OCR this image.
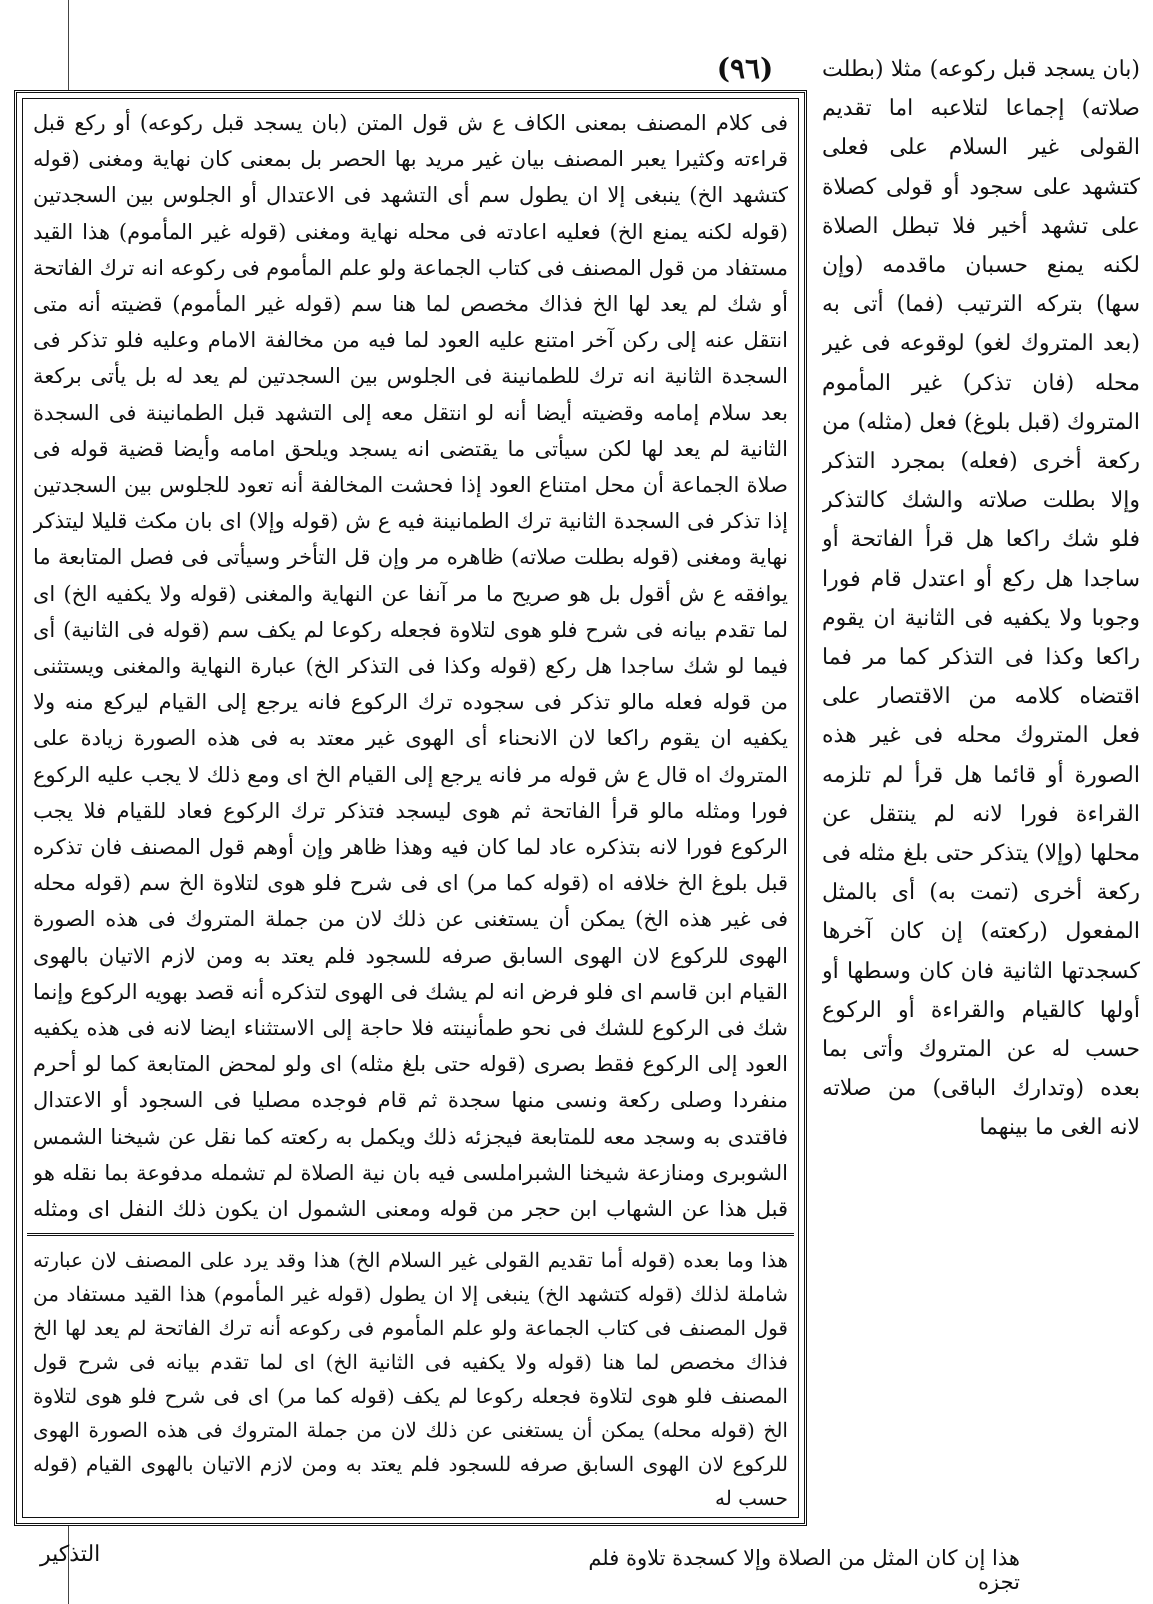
(٩٦)	(بان يسجد قبل ركوعه) مثلا (بطلت صلاته) إجماعا لتلاعبه اما تقديم القولى غير السلام على فعلى كتشهد على سجود أو قولى كصلاة على تشهد أخير فلا تبطل الصلاة لكنه يمنع حسبان ماقدمه (وإن سها) بتركه الترتيب (فما) أتى به (بعد المتروك لغو) لوقوعه فى غير محله (فان تذكر) غير المأموم المتروك (قبل بلوغ) فعل (مثله) من ركعة أخرى (فعله) بمجرد التذكر وإلا بطلت صلاته والشك كالتذكر فلو شك راكعا هل قرأ الفاتحة أو ساجدا هل ركع أو اعتدل قام فورا وجوبا ولا يكفيه فى الثانية ان يقوم راكعا وكذا فى التذكر كما مر فما اقتضاه كلامه من الاقتصار على فعل المتروك محله فى غير هذه الصورة أو قائما هل قرأ لم تلزمه القراءة فورا لانه لم ينتقل عن محلها (وإلا) يتذكر حتى بلغ مثله فى ركعة أخرى (تمت به) أى بالمثل المفعول (ركعته) إن كان آخرها كسجدتها الثانية فان كان وسطها أو أولها كالقيام والقراءة أو الركوع حسب له عن المتروك وأتى بما بعده (وتدارك الباقى) من صلاته لانه الغى ما بينهما

فى كلام المصنف بمعنى الكاف ع ش قول المتن (بان يسجد قبل ركوعه) أو ركع قبل قراءته وكثيرا يعبر المصنف بيان غير مريد بها الحصر بل بمعنى كان نهاية ومغنى (قوله كتشهد الخ) ينبغى إلا ان يطول سم أى التشهد فى الاعتدال أو الجلوس بين السجدتين (قوله لكنه يمنع الخ) فعليه اعادته فى محله نهاية ومغنى (قوله غير المأموم) هذا القيد مستفاد من قول المصنف فى كتاب الجماعة ولو علم المأموم فى ركوعه انه ترك الفاتحة أو شك لم يعد لها الخ فذاك مخصص لما هنا سم (قوله غير المأموم) قضيته أنه متى انتقل عنه إلى ركن آخر امتنع عليه العود لما فيه من مخالفة الامام وعليه فلو تذكر فى السجدة الثانية انه ترك للطمانينة فى الجلوس بين السجدتين لم يعد له بل يأتى بركعة بعد سلام إمامه وقضيته أيضا أنه لو انتقل معه إلى التشهد قبل الطمانينة فى السجدة الثانية لم يعد لها لكن سيأتى ما يقتضى انه يسجد ويلحق امامه وأيضا قضية قوله فى صلاة الجماعة أن محل امتناع العود إذا فحشت المخالفة أنه تعود للجلوس بين السجدتين إذا تذكر فى السجدة الثانية ترك الطمانينة فيه ع ش (قوله وإلا) اى بان مكث قليلا ليتذكر نهاية ومغنى (قوله بطلت صلاته) ظاهره مر وإن قل التأخر وسيأتى فى فصل المتابعة ما يوافقه ع ش أقول بل هو صريح ما مر آنفا عن النهاية والمغنى (قوله ولا يكفيه الخ) اى لما تقدم بيانه فى شرح فلو هوى لتلاوة فجعله ركوعا لم يكف سم (قوله فى الثانية) أى فيما لو شك ساجدا هل ركع (قوله وكذا فى التذكر الخ) عبارة النهاية والمغنى ويستثنى من قوله فعله مالو تذكر فى سجوده ترك الركوع فانه يرجع إلى القيام ليركع منه ولا يكفيه ان يقوم راكعا لان الانحناء أى الهوى غير معتد به فى هذه الصورة زيادة على المتروك اه قال ع ش قوله مر فانه يرجع إلى القيام الخ اى ومع ذلك لا يجب عليه الركوع فورا ومثله مالو قرأ الفاتحة ثم هوى ليسجد فتذكر ترك الركوع فعاد للقيام فلا يجب الركوع فورا لانه بتذكره عاد لما كان فيه وهذا ظاهر وإن أوهم قول المصنف فان تذكره قبل بلوغ الخ خلافه اه (قوله كما مر) اى فى شرح فلو هوى لتلاوة الخ سم (قوله محله فى غير هذه الخ) يمكن أن يستغنى عن ذلك لان من جملة المتروك فى هذه الصورة الهوى للركوع لان الهوى السابق صرفه للسجود فلم يعتد به ومن لازم الاتيان بالهوى القيام ابن قاسم اى فلو فرض انه لم يشك فى الهوى لتذكره أنه قصد بهويه الركوع وإنما شك فى الركوع للشك فى نحو طمأنينته فلا حاجة إلى الاستثناء ايضا لانه فى هذه يكفيه العود إلى الركوع فقط بصرى (قوله حتى بلغ مثله) اى ولو لمحض المتابعة كما لو أحرم منفردا وصلى ركعة ونسى منها سجدة ثم قام فوجده مصليا فى السجود أو الاعتدال فاقتدى به وسجد معه للمتابعة فيجزئه ذلك ويكمل به ركعته كما نقل عن شيخنا الشمس الشوبرى ومنازعة شيخنا الشبراملسى فيه بان نية الصلاة لم تشمله مدفوعة بما نقله هو قبل هذا عن الشهاب ابن حجر من قوله ومعنى الشمول ان يكون ذلك النفل اى ومثله

هذا وما بعده (قوله أما تقديم القولى غير السلام الخ) هذا وقد يرد على المصنف لان عبارته شاملة لذلك (قوله كتشهد الخ) ينبغى إلا ان يطول (قوله غير المأموم) هذا القيد مستفاد من قول المصنف فى كتاب الجماعة ولو علم المأموم فى ركوعه أنه ترك الفاتحة لم يعد لها الخ فذاك مخصص لما هنا (قوله ولا يكفيه فى الثانية الخ) اى لما تقدم بيانه فى شرح قول المصنف فلو هوى لتلاوة فجعله ركوعا لم يكف (قوله كما مر) اى فى شرح فلو هوى لتلاوة الخ (قوله محله) يمكن أن يستغنى عن ذلك لان من جملة المتروك فى هذه الصورة الهوى للركوع لان الهوى السابق صرفه للسجود فلم يعتد به ومن لازم الاتيان بالهوى القيام (قوله حسب له

هذا إن كان المثل من الصلاة وإلا كسجدة تلاوة فلم تجزه
التذكير
